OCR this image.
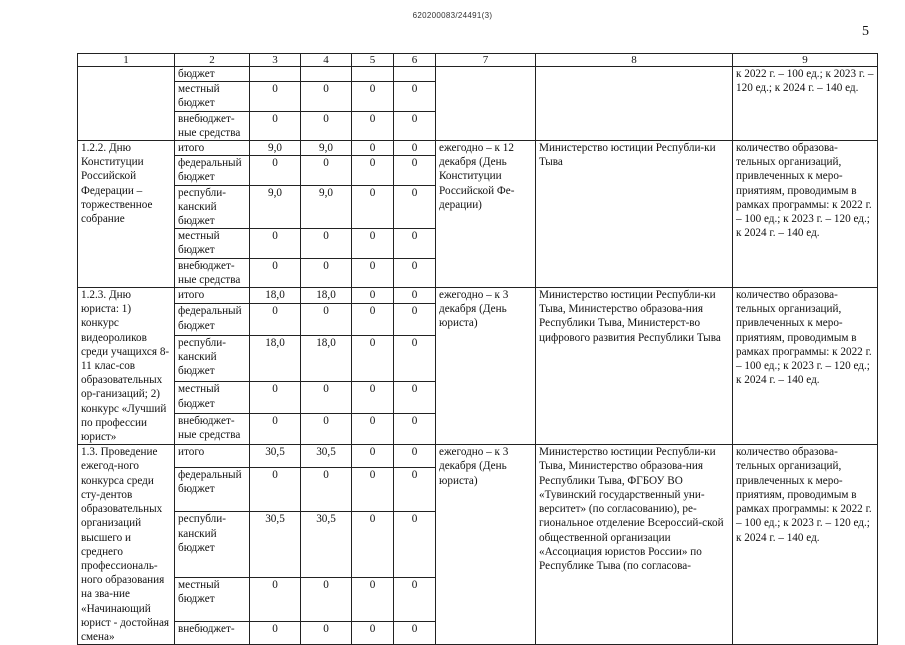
620200083/24491(3)
5
1	2	3	4	5	6	7	8	9
	бюджет							к 2022 г. – 100 ед.; к 2023 г. – 120 ед.; к 2024 г. – 140 ед.
	местный бюджет	0	0	0	0			
	внебюджет-ные средства	0	0	0	0			
1.2.2. Дню Конституции Российской Федерации – торжественное собрание	итого	9,0	9,0	0	0	ежегодно – к 12 декабря (День Конституции Российской Фе-дерации)	Министерство юстиции Республи-ки Тыва	количество образова-тельных организаций, привлеченных к меро-приятиям, проводимым в рамках программы: к 2022 г. – 100 ед.; к 2023 г. – 120 ед.; к 2024 г. – 140 ед.
	федеральный бюджет	0	0	0	0			
	республи-канский бюджет	9,0	9,0	0	0			
	местный бюджет	0	0	0	0			
	внебюджет-ные средства	0	0	0	0			
1.2.3. Дню юриста: 1) конкурс видеороликов среди учащихся 8-11 клас-сов образовательных ор-ганизаций; 2) конкурс «Лучший по профессии юрист»	итого	18,0	18,0	0	0	ежегодно – к 3 декабря (День юриста)	Министерство юстиции Республи-ки Тыва, Министерство образова-ния Республики Тыва, Министерст-во цифрового развития Республики Тыва	количество образова-тельных организаций, привлеченных к меро-приятиям, проводимым в рамках программы: к 2022 г. – 100 ед.; к 2023 г. – 120 ед.; к 2024 г. – 140 ед.
	федеральный бюджет	0	0	0	0			
	республи-канский бюджет	18,0	18,0	0	0			
	местный бюджет	0	0	0	0			
	внебюджет-ные средства	0	0	0	0			
1.3. Проведение ежегод-ного конкурса среди сту-дентов образовательных организаций высшего и среднего профессиональ-ного образования на зва-ние «Начинающий юрист - достойная смена»	итого	30,5	30,5	0	0	ежегодно – к 3 декабря (День юриста)	Министерство юстиции Республи-ки Тыва, Министерство образова-ния Республики Тыва, ФГБОУ ВО «Тувинский государственный уни-верситет» (по согласованию), ре-гиональное отделение Всероссий-ской общественной организации «Ассоциация юристов России» по Республике Тыва (по согласова-	количество образова-тельных организаций, привлеченных к меро-приятиям, проводимым в рамках программы: к 2022 г. – 100 ед.; к 2023 г. – 120 ед.; к 2024 г. – 140 ед.
	федеральный бюджет	0	0	0	0			
	республи-канский бюджет	30,5	30,5	0	0			
	местный бюджет	0	0	0	0			
	внебюджет-	0	0	0	0			
